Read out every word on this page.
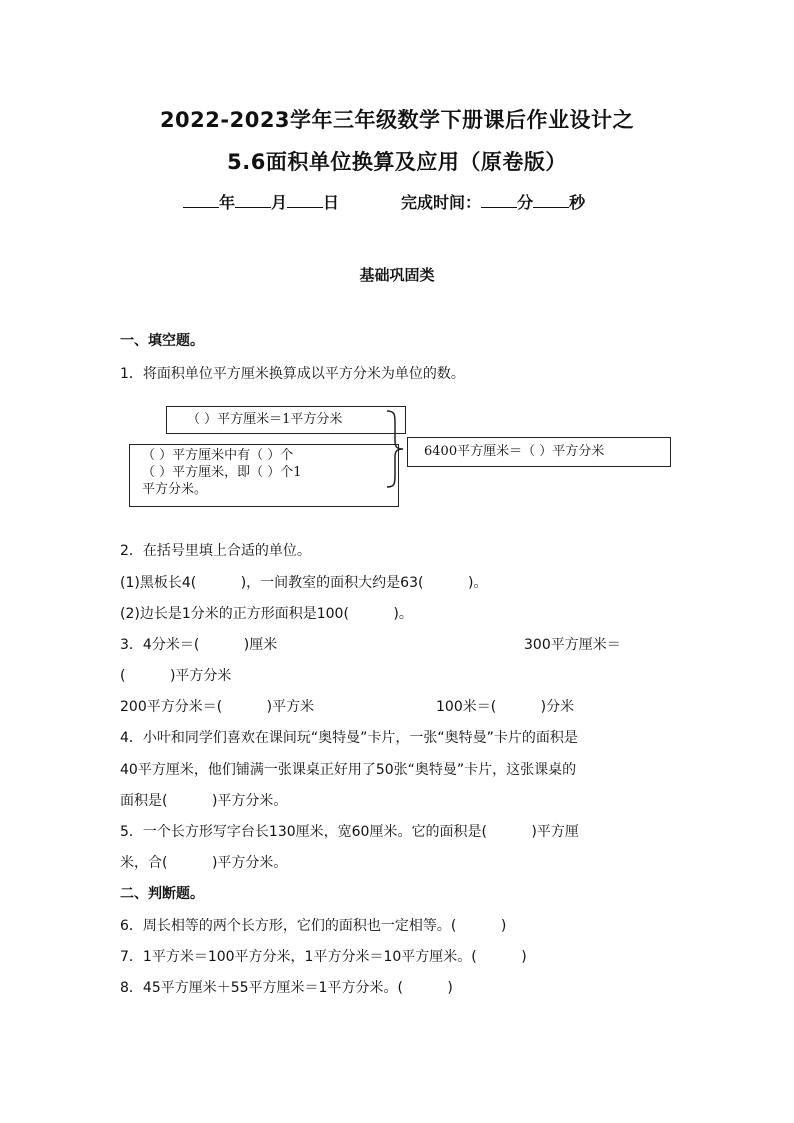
2022-2023学年三年级数学下册课后作业设计之
5.6面积单位换算及应用（原卷版）
年 月 日	完成时间： 分 秒
基础巩固类
一、填空题。
1．将面积单位平方厘米换算成以平方分米为单位的数。
（ ）平方厘米＝1平方分米
（ ）平方厘米中有（ ）个
（ ）平方厘米，即（ ）个1
平方分米。
6400平方厘米＝（ ）平方分米
2．在括号里填上合适的单位。
(1)黑板长4(          )，一间教室的面积大约是63(          )。
(2)边长是1分米的正方形面积是100(          )。
3．4分米＝(          )厘米	300平方厘米＝
(          )平方分米
200平方分米＝(          )平方米	100米＝(          )分米
4．小叶和同学们喜欢在课间玩“奥特曼”卡片，一张“奥特曼”卡片的面积是
40平方厘米，他们铺满一张课桌正好用了50张“奥特曼”卡片，这张课桌的
面积是(          )平方分米。
5．一个长方形写字台长130厘米，宽60厘米。它的面积是(          )平方厘
米，合(          )平方分米。
二、判断题。
6．周长相等的两个长方形，它们的面积也一定相等。(          )
7．1平方米＝100平方分米，1平方分米＝10平方厘米。(          )
8．45平方厘米＋55平方厘米＝1平方分米。(          )
